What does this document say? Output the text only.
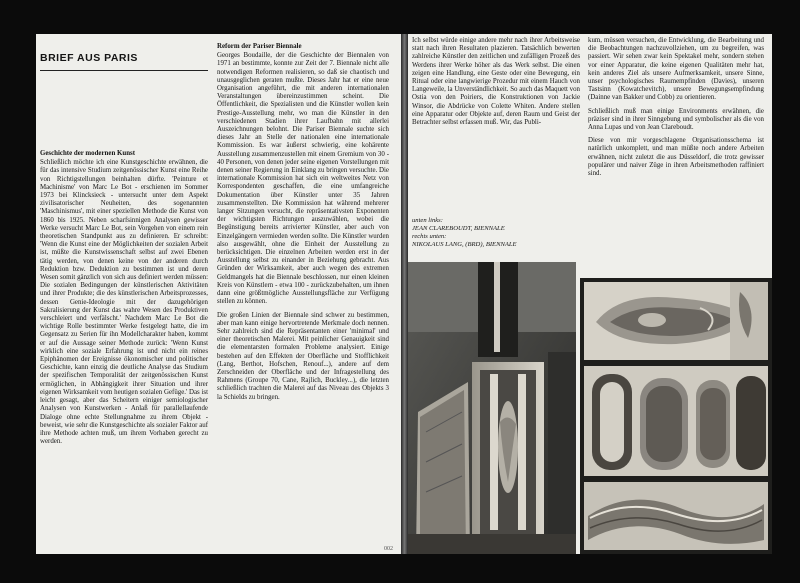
BRIEF AUS PARIS
Geschichte der modernen Kunst

Schließlich möchte ich eine Kunstgeschichte erwähnen, die für das intensive Studium zeitgenössischer Kunst eine Reihe von Richtigstellungen beinhalten dürfte. 'Peinture et Machinisme' von Marc Le Bot - erschienen im Sommer 1973 bei Klincksieck - untersucht unter dem Aspekt zivilisatorischer Neuheiten, des sogenannten 'Maschinismus', mit einer speziellen Methode die Kunst von 1860 bis 1925. Neben scharfsinnigen Analysen gewisser Werke versucht Marc Le Bot, sein Vorgehen von einem rein theoretischen Standpunkt aus zu definieren. Er schreibt: 'Wenn die Kunst eine der Möglichkeiten der sozialen Arbeit ist, müßte die Kunstwissenschaft selbst auf zwei Ebenen tätig werden, von denen keine von der anderen durch Reduktion bzw. Deduktion zu bestimmen ist und deren Wesen somit gänzlich von sich aus definiert werden müssen: Die sozialen Bedingungen der künstlerischen Aktivitäten und ihrer Produkte; die des künstlerischen Arbeitsprozesses, dessen Genie-Ideologie mit der dazugehörigen Sakralisierung der Kunst das wahre Wesen des Produktiven verschleiert und verfälscht.' Nachdem Marc Le Bot die wichtige Rolle bestimmter Werke festgelegt hatte, die im Gegensatz zu Serien für ihn Modellcharakter haben, kommt er auf die Aussage seiner Methode zurück: 'Wenn Kunst wirklich eine soziale Erfahrung ist und nicht ein reines Epiphänomen der Ereignisse ökonomischer und politischer Geschichte, kann einzig die deutliche Analyse das Studium der spezifischen Temporalität der zeitgenössischen Kunst ermöglichen, in Abhängigkeit ihrer Situation und ihrer eigenen Wirksamkeit vom heutigen sozialen Gefüge.' Das ist leicht gesagt, aber das Scheitern einiger semiologischer Analysen von Kunstwerken - Anlaß für parallellaufende Dialoge ohne echte Stellungnahme zu ihrem Objekt - beweist, wie sehr die Kunstgeschichte als sozialer Faktor auf ihre Methode achten muß, um ihrem Vorhaben gerecht zu werden.

Reform der Pariser Biennale

Georges Boudaille, der die Geschichte der Biennalen von 1971 an bestimmte, konnte zur Zeit der 7. Biennale nicht alle notwendigen Reformen realisieren, so daß sie chaotisch und unausgeglichen geraten mußte. Dieses Jahr hat er eine neue Organisation angeführt, die mit anderen internationalen Veranstaltungen übereinzustimmen scheint. Die Öffentlichkeit, die Spezialisten und die Künstler wollen kein Prestige-Ausstellung mehr, wo man die Künstler in den verschiedenen Stadien ihrer Laufbahn mit allerlei Auszeichnungen belohnt. Die Pariser Biennale suchte sich dieses Jahr an Stelle der nationalen eine internationale Kommission. Es war äußerst schwierig, eine kohärente Ausstellung zusammenzustellen mit einem Gremium von 30 - 40 Personen, von denen jeder seine eigenen Vorstellungen mit denen seiner Regierung in Einklang zu bringen versuchte. Die internationale Kommission hat sich ein weltweites Netz von Korrespondenten geschaffen, die eine umfangreiche Dokumentation über Künstler unter 35 Jahren zusammenstellten. Die Kommission hat während mehrerer langer Sitzungen versucht, die repräsentativsten Exponenten der wichtigsten Richtungen auszuwählen, wobei die Begünstigung bereits arrivierter Künstler, aber auch von Einzelgängern vermieden werden sollte. Die Künstler wurden also ausgewählt, ohne die Einheit der Ausstellung zu berücksichtigen. Die einzelnen Arbeiten werden erst in der Ausstellung selbst zu einander in Beziehung gebracht. Aus Gründen der Wirksamkeit, aber auch wegen des extremen Geldmangels hat die Biennale beschlossen, nur einen kleinen Kreis von Künstlern - etwa 100 - zurückzubehalten, um ihnen dann eine größtmögliche Ausstellungsfläche zur Verfügung stellen zu können.

Die großen Linien der Biennale sind schwer zu bestimmen, aber man kann einige hervortretende Merkmale doch nennen. Sehr zahlreich sind die Repräsentanten einer 'minimal' und einer theoretischen Malerei. Mit peinlicher Genauigkeit sind die elementarsten formalen Probleme analysiert. Einige bestehen auf den Effekten der Oberfläche und Stofflichkeit (Lang, Berthot, Hofschen, Renouf...), andere auf dem Zerschneiden der Oberfläche und der Infragestellung des Rahmens (Groupe 70, Cane, Rajlich, Buckley...), die letzten schließlich trachten die Malerei auf das Niveau des Objekts 3 la Schields zu bringen.

002

Ich selbst würde einige andere mehr nach ihrer Arbeitsweise statt nach ihren Resultaten plazieren. Tatsächlich bewerten zahlreiche Künstler den zeitlichen und zufälligen Prozeß des Werdens ihrer Werke höher als das Werk selbst. Die einen zeigen eine Handlung, eine Geste oder eine Bewegung, ein Ritual oder eine langwierige Prozedur mit einem Hauch von Langeweile, la Unverständlichkeit. So auch das Maquett von Ostia von den Poiriers, die Konstruktionen von Jackie Winsor, die Abdrücke von Colette Whiten. Andere stellen eine Apparatur oder Objekte auf, deren Raum und Geist der Betrachter selbst erfassen muß. Wir, das Publi-

unten links:
JEAN CLAREBOUDT, BIENNALE
rechts unten:
NIKOLAUS LANG, (BRD), BIENNALE

kum, müssen versuchen, die Entwicklung, die Bearbeitung und die Beobachtungen nachzuvollziehen, um zu begreifen, was passiert. Wir sehen zwar kein Spektakel mehr, sondern stehen vor einer Apparatur, die keine eigenen Qualitäten mehr hat, kein anderes Ziel als unsere Aufmerksamkeit, unsere Sinne, unser psychologisches Raumempfinden (Davies), unseren Tastsinn (Kowatchevitch), unsere Bewegungsempfindung (Dainne van Bakker und Cobb) zu orientieren.

Schließlich muß man einige Environments erwähnen, die präziser sind in ihrer Sinngebung und symbolischer als die von Anna Lupas und von Jean Clareboudt.

Diese von mir vorgeschlagene Organisationsschema ist natürlich unkomplett, und man müßte noch andere Arbeiten erwähnen, nicht zuletzt die aus Düsseldorf, die trotz gewisser populärer und naiver Züge in ihren Arbeitsmethoden raffiniert sind.
